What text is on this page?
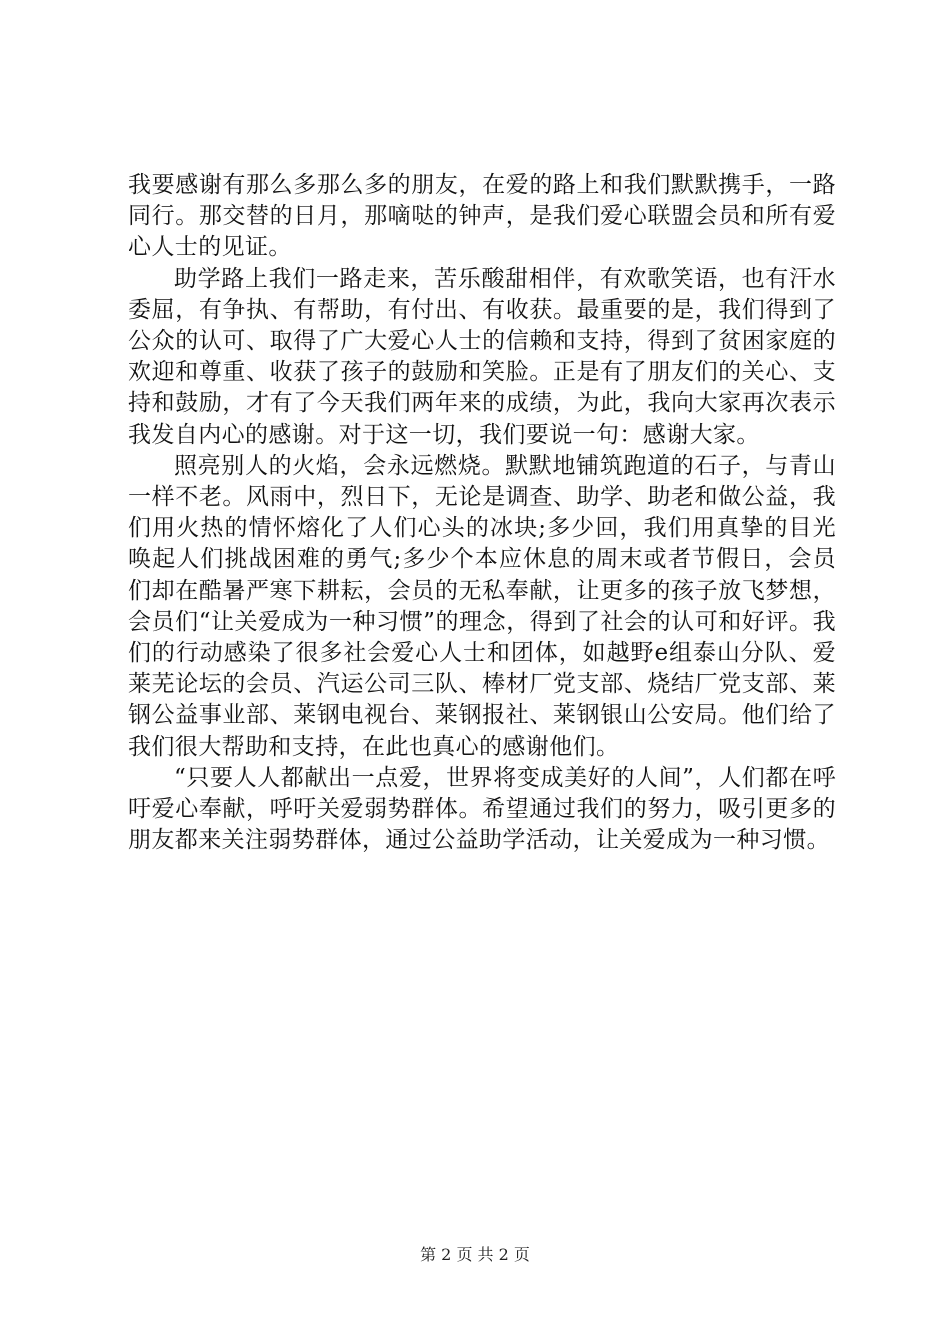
我要感谢有那么多那么多的朋友，在爱的路上和我们默默携手，一路同行。那交替的日月，那嘀哒的钟声，是我们爱心联盟会员和所有爱心人士的见证。

助学路上我们一路走来，苦乐酸甜相伴，有欢歌笑语，也有汗水委屈，有争执、有帮助，有付出、有收获。最重要的是，我们得到了公众的认可、取得了广大爱心人士的信赖和支持，得到了贫困家庭的欢迎和尊重、收获了孩子的鼓励和笑脸。正是有了朋友们的关心、支持和鼓励，才有了今天我们两年来的成绩，为此，我向大家再次表示我发自内心的感谢。对于这一切，我们要说一句：感谢大家。

照亮别人的火焰，会永远燃烧。默默地铺筑跑道的石子，与青山一样不老。风雨中，烈日下，无论是调查、助学、助老和做公益，我们用火热的情怀熔化了人们心头的冰块;多少回，我们用真挚的目光唤起人们挑战困难的勇气;多少个本应休息的周末或者节假日，会员们却在酷暑严寒下耕耘，会员的无私奉献，让更多的孩子放飞梦想，会员们“让关爱成为一种习惯”的理念，得到了社会的认可和好评。我们的行动感染了很多社会爱心人士和团体，如越野e组泰山分队、爱莱芜论坛的会员、汽运公司三队、棒材厂党支部、烧结厂党支部、莱钢公益事业部、莱钢电视台、莱钢报社、莱钢银山公安局。他们给了我们很大帮助和支持，在此也真心的感谢他们。

“只要人人都献出一点爱，世界将变成美好的人间”，人们都在呼吁爱心奉献，呼吁关爱弱势群体。希望通过我们的努力，吸引更多的朋友都来关注弱势群体，通过公益助学活动，让关爱成为一种习惯。

第 2 页 共 2 页
